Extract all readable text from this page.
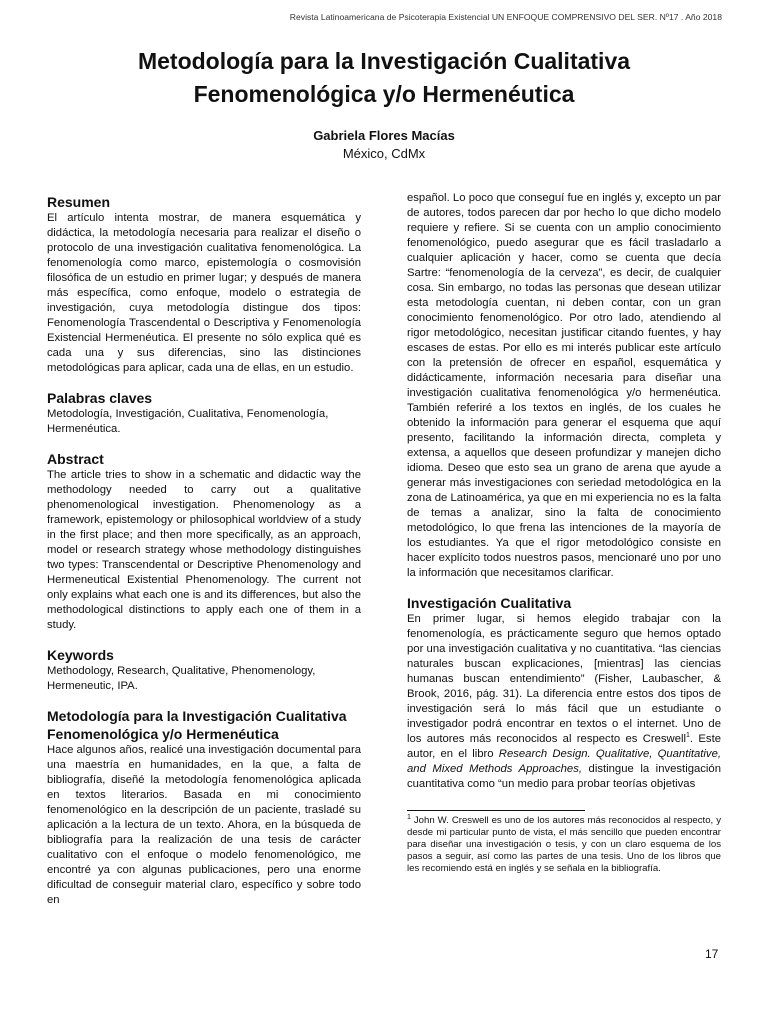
Revista Latinoamericana de Psicoterapia Existencial UN ENFOQUE COMPRENSIVO DEL SER. Nº17 . Año 2018
Metodología para la Investigación Cualitativa
Fenomenológica y/o Hermenéutica
Gabriela Flores Macías
México, CdMx
Resumen

El artículo intenta mostrar, de manera esquemática y didáctica, la metodología necesaria para realizar el diseño o protocolo de una investigación cualitativa fenomenológica. La fenomenología como marco, epistemología o cosmovisión filosófica de un estudio en primer lugar; y después de manera más específica, como enfoque, modelo o estrategia de investigación, cuya metodología distingue dos tipos: Fenomenología Trascendental o Descriptiva y Fenomenología Existencial Hermenéutica. El presente no sólo explica qué es cada una y sus diferencias, sino las distinciones metodológicas para aplicar, cada una de ellas, en un estudio.

Palabras claves

Metodología, Investigación, Cualitativa, Fenomenología, Hermenéutica.

Abstract

The article tries to show in a schematic and didactic way the methodology needed to carry out a qualitative phenomenological investigation. Phenomenology as a framework, epistemology or philosophical worldview of a study in the first place; and then more specifically, as an approach, model or research strategy whose methodology distinguishes two types: Transcendental or Descriptive Phenomenology and Hermeneutical Existential Phenomenology. The current not only explains what each one is and its differences, but also the methodological distinctions to apply each one of them in a study.

Keywords

Methodology, Research, Qualitative, Phenomenology, Hermeneutic, IPA.

Metodología para la Investigación Cualitativa Fenomenológica y/o Hermenéutica

Hace algunos años, realicé una investigación documental para una maestría en humanidades, en la que, a falta de bibliografía, diseñé la metodología fenomenológica aplicada en textos literarios. Basada en mi conocimiento fenomenológico en la descripción de un paciente, trasladé su aplicación a la lectura de un texto. Ahora, en la búsqueda de bibliografía para la realización de una tesis de carácter cualitativo con el enfoque o modelo fenomenológico, me encontré ya con algunas publicaciones, pero una enorme dificultad de conseguir material claro, específico y sobre todo en

español. Lo poco que conseguí fue en inglés y, excepto un par de autores, todos parecen dar por hecho lo que dicho modelo requiere y refiere. Si se cuenta con un amplio conocimiento fenomenológico, puedo asegurar que es fácil trasladarlo a cualquier aplicación y hacer, como se cuenta que decía Sartre: “fenomenología de la cerveza”, es decir, de cualquier cosa. Sin embargo, no todas las personas que desean utilizar esta metodología cuentan, ni deben contar, con un gran conocimiento fenomenológico. Por otro lado, atendiendo al rigor metodológico, necesitan justificar citando fuentes, y hay escases de estas. Por ello es mi interés publicar este artículo con la pretensión de ofrecer en español, esquemática y didácticamente, información necesaria para diseñar una investigación cualitativa fenomenológica y/o hermenéutica. También referiré a los textos en inglés, de los cuales he obtenido la información para generar el esquema que aquí presento, facilitando la información directa, completa y extensa, a aquellos que deseen profundizar y manejen dicho idioma. Deseo que esto sea un grano de arena que ayude a generar más investigaciones con seriedad metodológica en la zona de Latinoamérica, ya que en mi experiencia no es la falta de temas a analizar, sino la falta de conocimiento metodológico, lo que frena las intenciones de la mayoría de los estudiantes. Ya que el rigor metodológico consiste en hacer explícito todos nuestros pasos, mencionaré uno por uno la información que necesitamos clarificar.

Investigación Cualitativa

En primer lugar, si hemos elegido trabajar con la fenomenología, es prácticamente seguro que hemos optado por una investigación cualitativa y no cuantitativa. “las ciencias naturales buscan explicaciones, [mientras] las ciencias humanas buscan entendimiento” (Fisher, Laubascher, & Brook, 2016, pág. 31). La diferencia entre estos dos tipos de investigación será lo más fácil que un estudiante o investigador podrá encontrar en textos o el internet. Uno de los autores más reconocidos al respecto es Creswell$^1$. Este autor, en el libro Research Design. Qualitative, Quantitative, and Mixed Methods Approaches, distingue la investigación cuantitativa como “un medio para probar teorías objetivas

$^1$ John W. Creswell es uno de los autores más reconocidos al respecto, y desde mi particular punto de vista, el más sencillo que pueden encontrar para diseñar una investigación o tesis, y con un claro esquema de los pasos a seguir, así como las partes de una tesis. Uno de los libros que les recomiendo está en inglés y se señala en la bibliografía.
17
